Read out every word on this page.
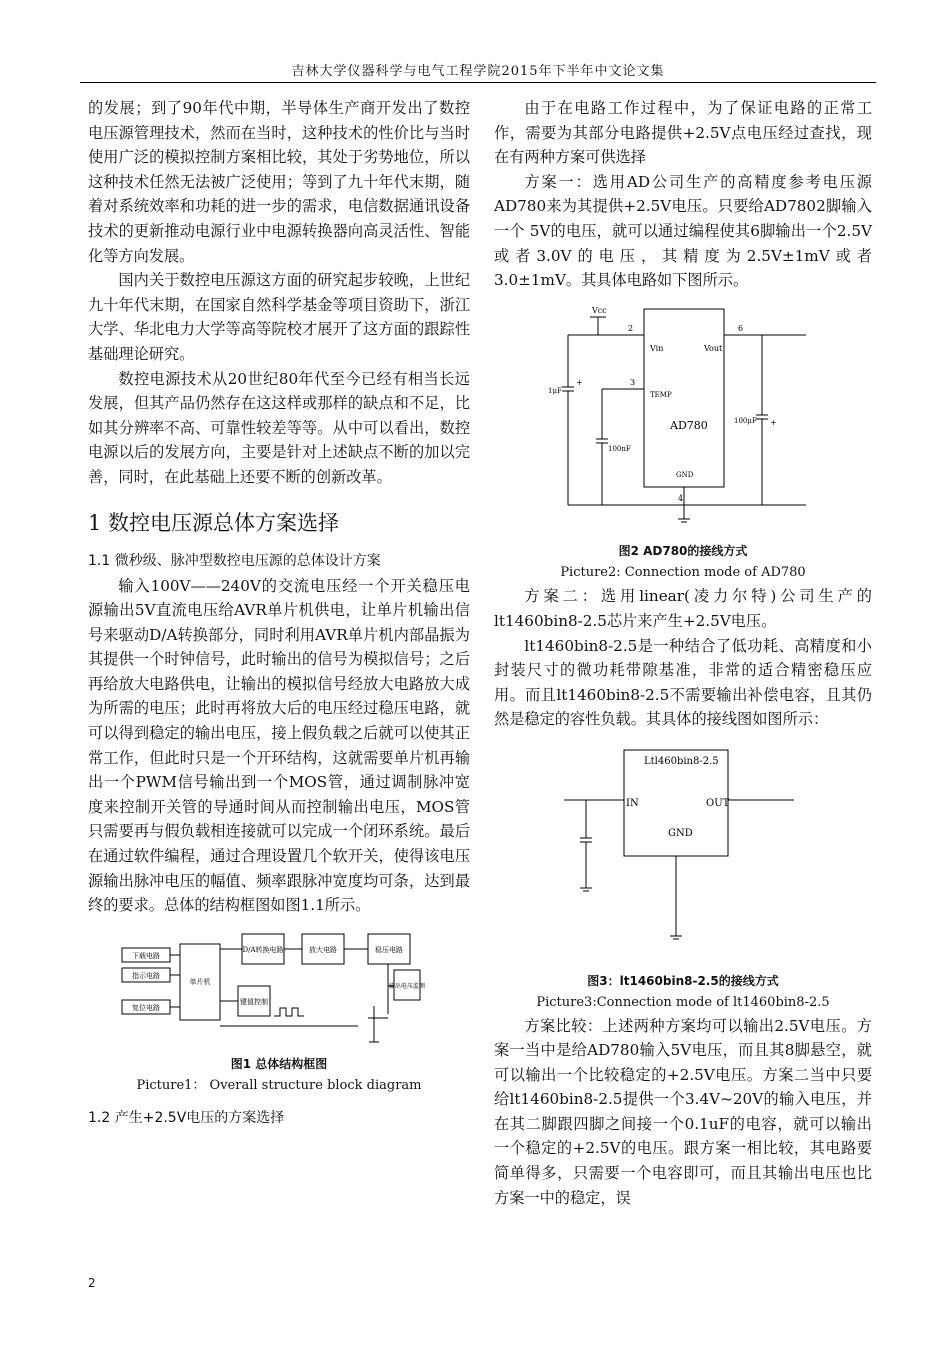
吉林大学仪器科学与电气工程学院2015年下半年中文论文集

的发展；到了90年代中期，半导体生产商开发出了数控电压源管理技术，然而在当时，这种技术的性价比与当时使用广泛的模拟控制方案相比较，其处于劣势地位，所以这种技术任然无法被广泛使用；等到了九十年代末期，随着对系统效率和功耗的进一步的需求，电信数据通讯设备技术的更新推动电源行业中电源转换器向高灵活性、智能化等方向发展。

国内关于数控电压源这方面的研究起步较晚，上世纪九十年代末期，在国家自然科学基金等项目资助下，浙江大学、华北电力大学等高等院校才展开了这方面的跟踪性基础理论研究。

数控电源技术从20世纪80年代至今已经有相当长远发展，但其产品仍然存在这这样或那样的缺点和不足，比如其分辨率不高、可靠性较差等等。从中可以看出，数控电源以后的发展方向，主要是针对上述缺点不断的加以完善，同时，在此基础上还要不断的创新改革。

1 数控电压源总体方案选择
1.1 微秒级、脉冲型数控电压源的总体设计方案

输入100V——240V的交流电压经一个开关稳压电源输出5V直流电压给AVR单片机供电，让单片机输出信号来驱动D/A转换部分，同时利用AVR单片机内部晶振为其提供一个时钟信号，此时输出的信号为模拟信号；之后再给放大电路供电，让输出的模拟信号经放大电路放大成为所需的电压；此时再将放大后的电压经过稳压电路，就可以得到稳定的输出电压，接上假负载之后就可以使其正常工作，但此时只是一个开环结构，这就需要单片机再输出一个PWM信号输出到一个MOS管，通过调制脉冲宽度来控制开关管的导通时间从而控制输出电压，MOS管只需要再与假负载相连接就可以完成一个闭环系统。最后在通过软件编程，通过合理设置几个软开关，使得该电压源输出脉冲电压的幅值、频率跟脉冲宽度均可条，达到最终的要求。总体的结构框图如图1.1所示。

下载电路
指示电路
复位电路
单片机
D/A转换电路	放大电路	稳压电路
键值控制
输出电压监测
图1 总体结构框图
Picture1： Overall structure block diagram
1.2 产生+2.5V电压的方案选择

由于在电路工作过程中，为了保证电路的正常工作，需要为其部分电路提供+2.5V点电压经过查找，现在有两种方案可供选择

方案一：选用AD公司生产的高精度参考电压源AD780来为其提供+2.5V电压。只要给AD7802脚输入一个 5V的电压，就可以通过编程使其6脚输出一个2.5V或者3.0V的电压，其精度为2.5V±1mV或者3.0±1mV。其具体电路如下图所示。

Vcc
2
Vin	Vout
6
3
TEMP
AD780
1μF
100nF
100μF
GND
4
+
+
图2 AD780的接线方式
Picture2: Connection mode of AD780

方案二：选用linear(凌力尔特)公司生产的lt1460bin8-2.5芯片来产生+2.5V电压。

lt1460bin8-2.5是一种结合了低功耗、高精度和小封装尺寸的微功耗带隙基准，非常的适合精密稳压应用。而且lt1460bin8-2.5不需要输出补偿电容，且其仍然是稳定的容性负载。其具体的接线图如图所示：

Ltl460bin8-2.5
IN	OUT
GND
图3：lt1460bin8-2.5的接线方式
Picture3:Connection mode of lt1460bin8-2.5

方案比较：上述两种方案均可以输出2.5V电压。方案一当中是给AD780输入5V电压，而且其8脚悬空，就可以输出一个比较稳定的+2.5V电压。方案二当中只要给lt1460bin8-2.5提供一个3.4V~20V的输入电压，并在其二脚跟四脚之间接一个0.1uF的电容，就可以输出一个稳定的+2.5V的电压。跟方案一相比较，其电路要简单得多，只需要一个电容即可，而且其输出电压也比方案一中的稳定，误

2
